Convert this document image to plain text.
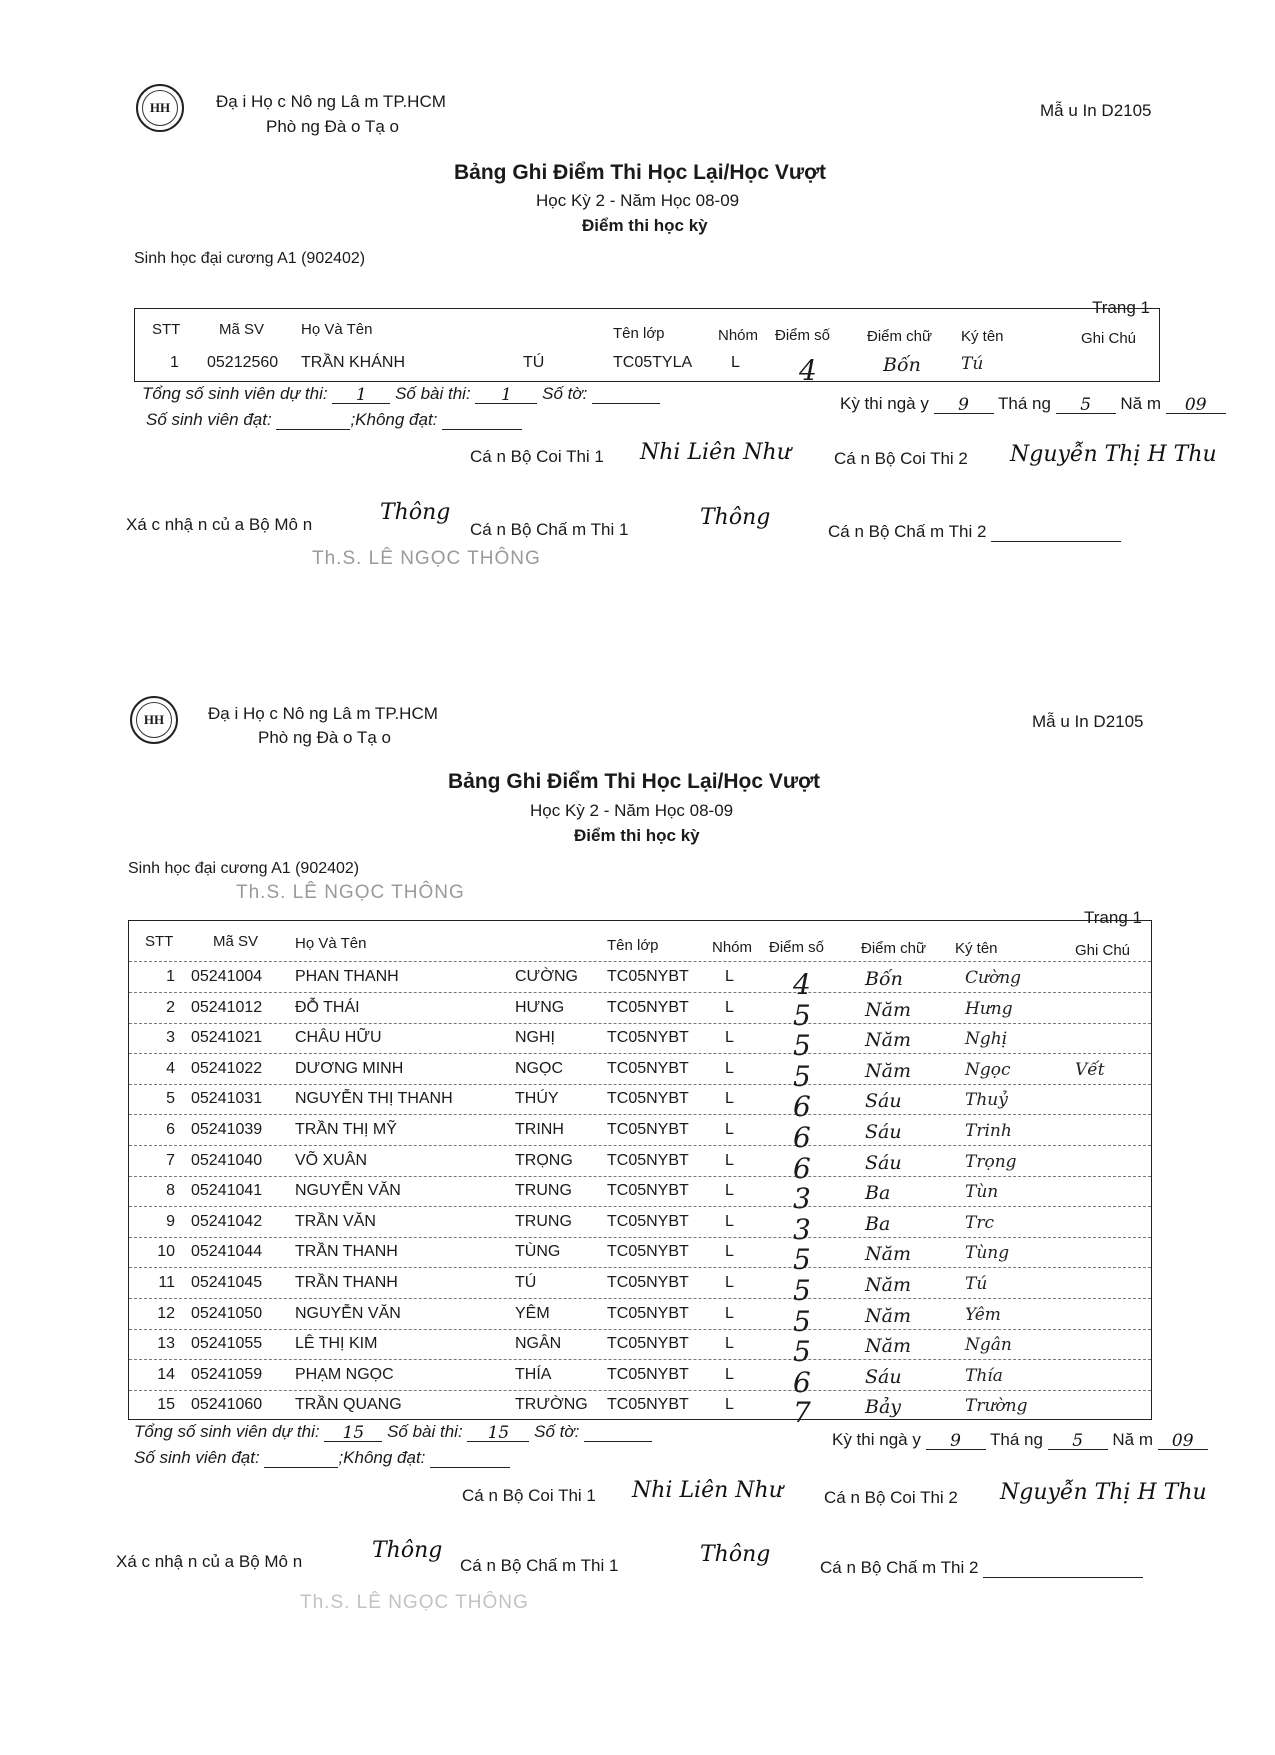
HH	Đạ i Họ c Nô ng Lâ m TP.HCM
Phò ng Đà o Tạ o
Mẫ u In D2105
Bảng Ghi Điểm Thi Học Lại/Học Vượt
Học Kỳ 2 - Năm Học 08-09
Điểm thi học kỳ
Sinh học đại cương A1 (902402)
Trang 1
STT	Mã SV Họ Và Tên	Tên lớp	Nhóm Điểm số Điểm chữ Ký tên	Ghi Chú
1 05212560 TRẦN KHÁNH	TÚ	TC05TYLA L 4	Bốn Tú
Tổng số sinh viên dự thi: 1 Số bài thi: 1 Số tờ:
Số sinh viên đạt:	;Không đạt:
Kỳ thi ngà y 9 Thá ng 5 Nă m 09
Cá n Bộ Coi Thi 1 Nhi Liên Như	Cá n Bộ Coi Thi 2 Nguyễn Thị H Thu
Xá c nhậ n củ a Bộ Mô n	Thông
Cá n Bộ Chấ m Thi 1	Thông
Cá n Bộ Chấ m Thi 2
Th.S. LÊ NGỌC THÔNG
HH	Đạ i Họ c Nô ng Lâ m TP.HCM
Phò ng Đà o Tạ o
Mẫ u In D2105
Bảng Ghi Điểm Thi Học Lại/Học Vượt
Học Kỳ 2 - Năm Học 08-09
Điểm thi học kỳ
Sinh học đại cương A1 (902402)
Th.S. LÊ NGỌC THÔNG
Trang 1
STT	Mã SV Họ Và Tên	Tên lớp	Nhóm Điểm số Điểm chữ Ký tên	Ghi Chú
1 05241004 PHAN THANH	CƯỜNG TC05NYBT L 4	Bốn	Cường
2 05241012 ĐỖ THÁI	HƯNG	TC05NYBT L 5	Năm	Hưng
3 05241021 CHÂU HỮU	NGHỊ	TC05NYBT L 5	Năm	Nghị
4 05241022 DƯƠNG MINH	NGỌC	TC05NYBT L 5	Năm	Ngọc	Vết
5 05241031 NGUYỄN THỊ THANH	THÚY	TC05NYBT L 6	Sáu	Thuỷ
6 05241039 TRẦN THỊ MỸ	TRINH	TC05NYBT L 6	Sáu	Trinh
7 05241040 VÕ XUÂN	TRỌNG TC05NYBT L 6	Sáu	Trọng
8 05241041 NGUYỄN VĂN	TRUNG TC05NYBT L 3	Ba	Tùn
9 05241042 TRẦN VĂN	TRUNG TC05NYBT L 3	Ba	Trc
10 05241044 TRẦN THANH	TÙNG	TC05NYBT L 5	Năm	Tùng
11 05241045 TRẦN THANH	TÚ	TC05NYBT L 5	Năm	Tú
12 05241050 NGUYỄN VĂN	YÊM	TC05NYBT L 5	Năm	Yêm
13 05241055 LÊ THỊ KIM	NGÂN	TC05NYBT L 5	Năm	Ngân
14 05241059 PHẠM NGỌC	THÍA	TC05NYBT L 6	Sáu	Thía
15 05241060 TRẦN QUANG	TRƯỜNG TC05NYBT L 7	Bảy	Trường
Tổng số sinh viên dự thi: 15 Số bài thi: 15 Số tờ:
Số sinh viên đạt:	;Không đạt:
Kỳ thi ngà y 9 Thá ng 5 Nă m 09
Cá n Bộ Coi Thi 1 Nhi Liên Như Cá n Bộ Coi Thi 2 Nguyễn Thị H Thu
Xá c nhậ n củ a Bộ Mô n	Thông
Cá n Bộ Chấ m Thi 1	Thông
Cá n Bộ Chấ m Thi 2
Th.S. LÊ NGỌC THÔNG
